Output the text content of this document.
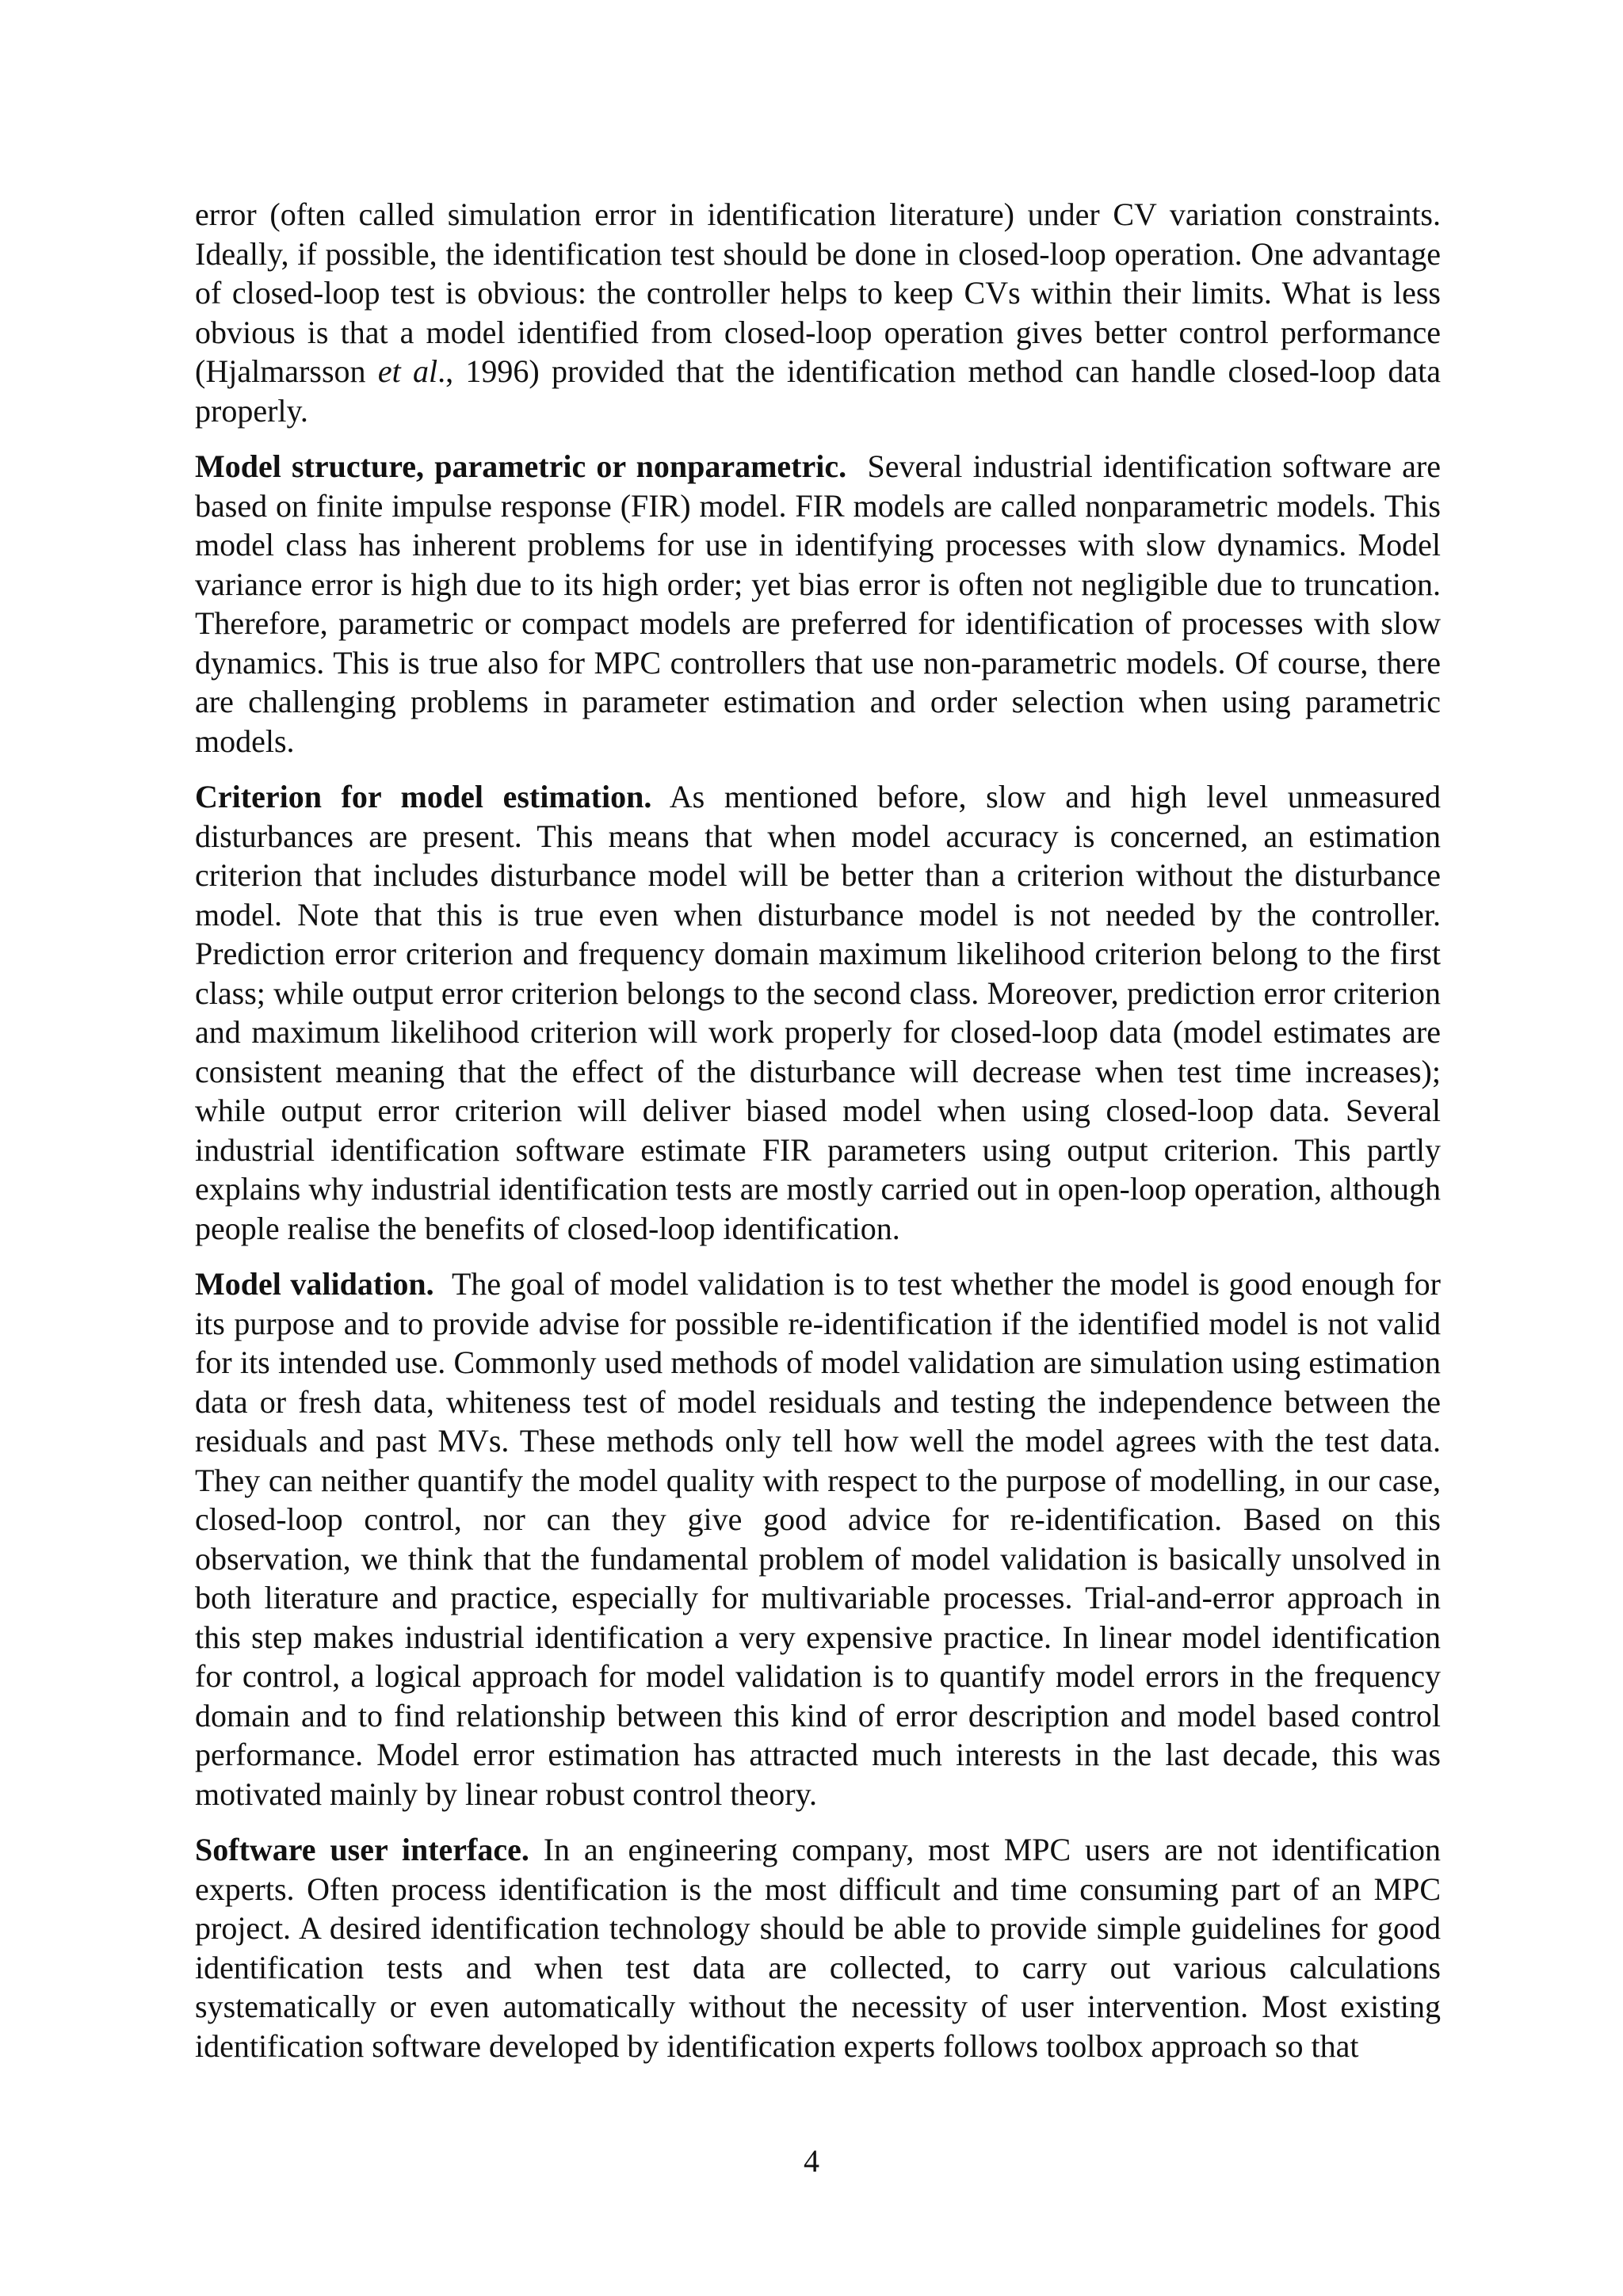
error (often called simulation error in identification literature) under CV variation constraints. Ideally, if possible, the identification test should be done in closed-loop operation. One advantage of closed-loop test is obvious: the controller helps to keep CVs within their limits. What is less obvious is that a model identified from closed-loop operation gives better control performance (Hjalmarsson et al., 1996) provided that the identification method can handle closed-loop data properly.

Model structure, parametric or nonparametric. Several industrial identification software are based on finite impulse response (FIR) model. FIR models are called nonparametric models. This model class has inherent problems for use in identifying processes with slow dynamics. Model variance error is high due to its high order; yet bias error is often not negligible due to truncation. Therefore, parametric or compact models are preferred for identification of processes with slow dynamics. This is true also for MPC controllers that use non-parametric models. Of course, there are challenging problems in parameter estimation and order selection when using parametric models.

Criterion for model estimation. As mentioned before, slow and high level unmeasured disturbances are present. This means that when model accuracy is concerned, an estimation criterion that includes disturbance model will be better than a criterion without the disturbance model. Note that this is true even when disturbance model is not needed by the controller. Prediction error criterion and frequency domain maximum likelihood criterion belong to the first class; while output error criterion belongs to the second class. Moreover, prediction error criterion and maximum likelihood criterion will work properly for closed-loop data (model estimates are consistent meaning that the effect of the disturbance will decrease when test time increases); while output error criterion will deliver biased model when using closed-loop data. Several industrial identification software estimate FIR parameters using output criterion. This partly explains why industrial identification tests are mostly carried out in open-loop operation, although people realise the benefits of closed-loop identification.

Model validation. The goal of model validation is to test whether the model is good enough for its purpose and to provide advise for possible re-identification if the identified model is not valid for its intended use. Commonly used methods of model validation are simulation using estimation data or fresh data, whiteness test of model residuals and testing the independence between the residuals and past MVs. These methods only tell how well the model agrees with the test data. They can neither quantify the model quality with respect to the purpose of modelling, in our case, closed-loop control, nor can they give good advice for re-identification. Based on this observation, we think that the fundamental problem of model validation is basically unsolved in both literature and practice, especially for multivariable processes. Trial-and-error approach in this step makes industrial identification a very expensive practice. In linear model identification for control, a logical approach for model validation is to quantify model errors in the frequency domain and to find relationship between this kind of error description and model based control performance. Model error estimation has attracted much interests in the last decade, this was motivated mainly by linear robust control theory.

Software user interface. In an engineering company, most MPC users are not identification experts. Often process identification is the most difficult and time consuming part of an MPC project. A desired identification technology should be able to provide simple guidelines for good identification tests and when test data are collected, to carry out various calculations systematically or even automatically without the necessity of user intervention. Most existing identification software developed by identification experts follows toolbox approach so that

4
